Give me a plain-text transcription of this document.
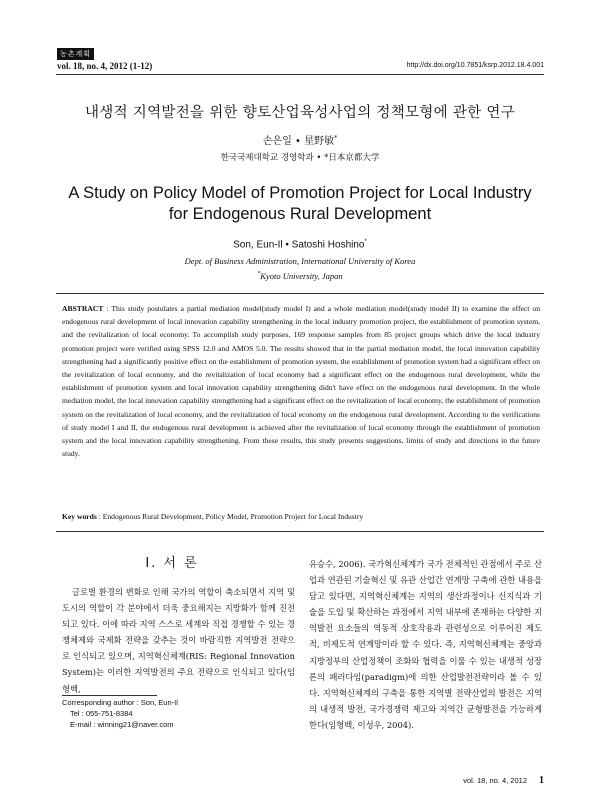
농촌계획
vol. 18, no. 4, 2012 (1-12)	http://dx.doi.org/10.7851/ksrp.2012.18.4.001
내생적 지역발전을 위한 향토산업육성사업의 정책모형에 관한 연구
손은일 • 星野敏*
한국국제대학교 경영학과 • *日本京都大学
A Study on Policy Model of Promotion Project for Local Industry
for Endogenous Rural Development
Son, Eun-Il • Satoshi Hoshino*
Dept. of Business Administration, International University of Korea
*Kyoto University, Japan
ABSTRACT : This study postulates a partial mediation model(study model I) and a whole mediation model(study model II) to examine the effect on endogenous rural development of local innovation capability strengthening in the local industry promotion project, the establishment of promotion system, and the revitalization of local economy. To accomplish study purposes, 169 response samples from 85 project groups which drive the local industry promotion project were verified using SPSS 12.0 and AMOS 5.0. The results showed that in the partial mediation model, the local innovation capability strengthening had a significantly positive effect on the establishment of promotion system, the establishment of promotion system had a significant effect on the revitalization of local economy, and the revitalization of local economy had a significant effect on the endogenous rural development, while the establishment of promotion system and local innovation capability strengthening didn't have effect on the endogenous rural development. In the whole mediation model, the local innovation capability strengthening had a significant effect on the revitalization of local economy, the establishment of promotion system on the revitalization of local economy, and the revitalization of local economy on the endogenous rural development. According to the verifications of study model I and II, the endogenous rural development is achieved after the revitalization of local economy through the establishment of promotion system and the local innovation capability strengthening. From these results, this study presents suggestions, limits of study and directions in the future study.
Key words : Endogenous Rural Development, Policy Model, Promotion Project for Local Industry
I. 서 론

글로벌 환경의 변화로 인해 국가의 역할이 축소되면서 지역 및 도시의 역할이 각 분야에서 더욱 중요해지는 지방화가 함께 진전되고 있다. 이에 따라 지역 스스로 세계와 직접 경쟁할 수 있는 경쟁체제와 국제화 전략을 갖추는 것이 바람직한 지역발전 전략으로 인식되고 있으며, 지역혁신체계(RIS: Regional Innovation System)는 이러한 지역발전의 주요 전략으로 인식되고 있다(임형백,

유승수, 2006). 국가혁신체계가 국가 전체적인 관점에서 주로 산업과 연관된 기술혁신 및 유관 산업간 연계망 구축에 관한 내용을 담고 있다면, 지역혁신체계는 지역의 생산과정이나 신지식과 기술을 도입 및 확산하는 과정에서 지역 내부에 존재하는 다양한 지역발전 요소들의 역동적 상호작용과 관련성으로 이루어진 제도적, 비제도적 연계망이라 할 수 있다. 즉, 지역혁신체계는 중앙과 지방정부의 산업정책이 조화와 협력을 이룰 수 있는 내생적 성장론의 패러다임(paradigm)에 의한 산업발전전략이라 볼 수 있다. 지역혁신체계의 구축을 통한 지역별 전략산업의 발전은 지역의 내생적 발전, 국가경쟁력 제고와 지역간 균형발전을 가능하게 한다(임형백, 이성우, 2004).

Corresponding author : Son, Eun-Il
Tel : 055-751-8384
E-mail : winning21@naver.com
vol. 18, no. 4, 2012 1
